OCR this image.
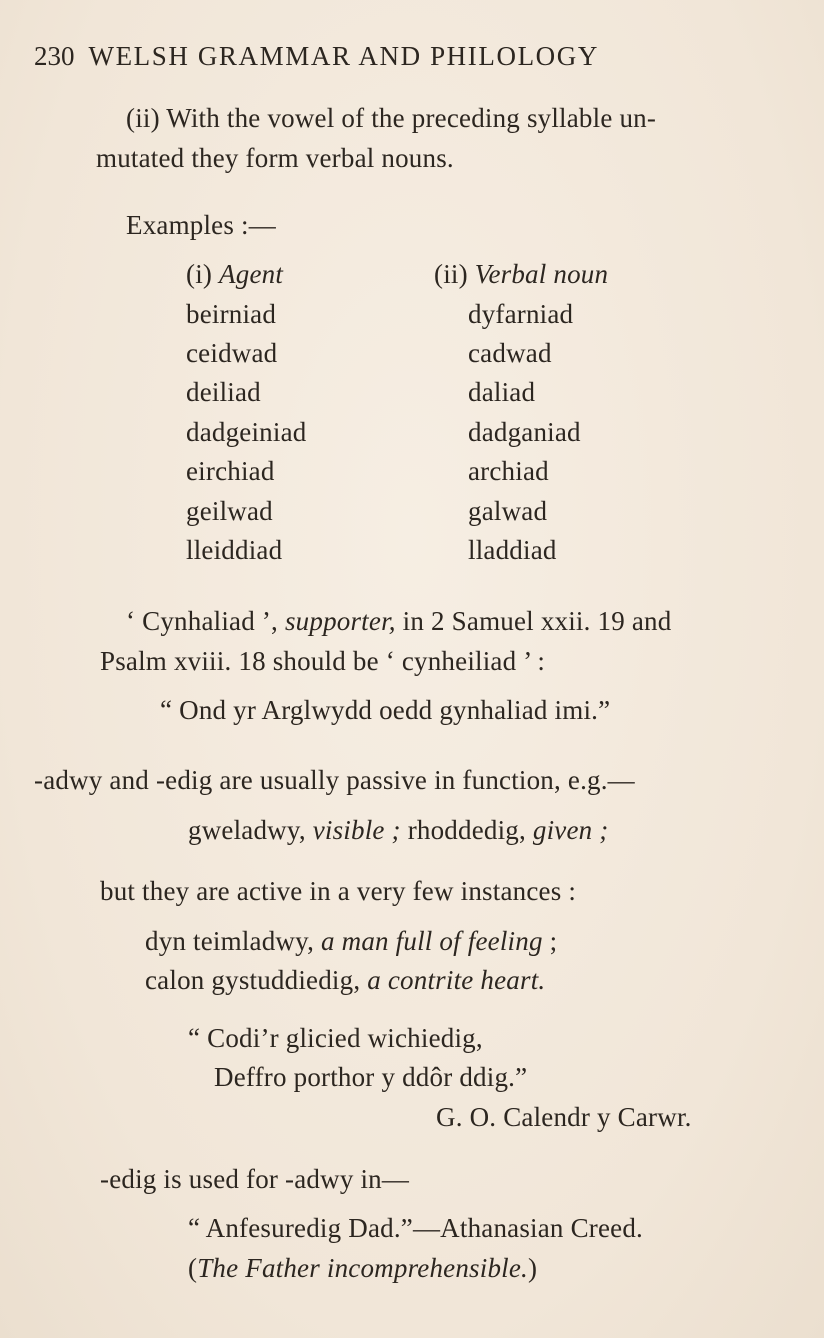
230 WELSH GRAMMAR AND PHILOLOGY
(ii) With the vowel of the preceding syllable un-
mutated they form verbal nouns.
Examples :—
(i) Agent	(ii) Verbal noun
beirniad	dyfarniad
ceidwad	cadwad
deiliad	daliad
dadgeiniad	dadganiad
eirchiad	archiad
geilwad	galwad
lleiddiad	lladdiad
‘ Cynhaliad ’, supporter, in 2 Samuel xxii. 19 and
Psalm xviii. 18 should be ‘ cynheiliad ’ :
“ Ond yr Arglwydd oedd gynhaliad imi.”
-adwy and -edig are usually passive in function, e.g.—
gweladwy, visible ; rhoddedig, given ;
but they are active in a very few instances :
dyn teimladwy, a man full of feeling ;
calon gystuddiedig, a contrite heart.
“ Codi’r glicied wichiedig,
Deffro porthor y ddôr ddig.”
G. O. Calendr y Carwr.
-edig is used for -adwy in—
“ Anfesuredig Dad.”—Athanasian Creed.
(The Father incomprehensible.)
